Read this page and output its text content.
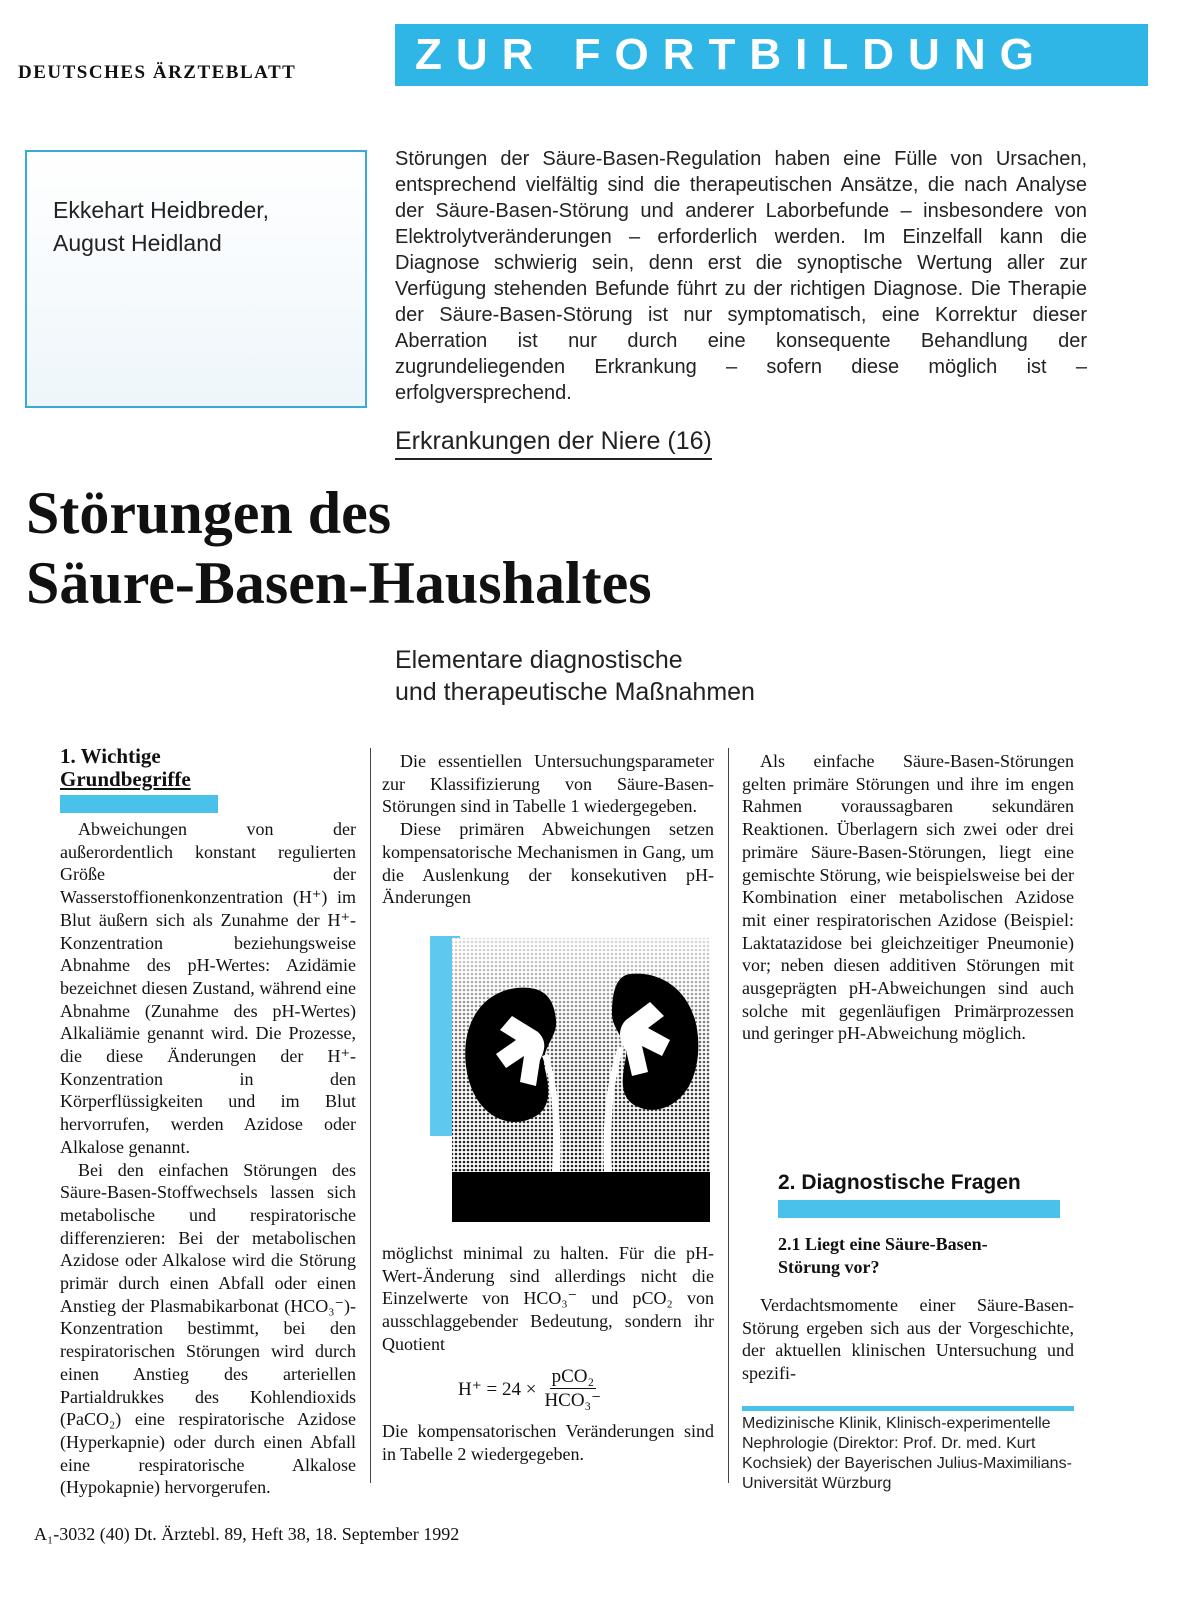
DEUTSCHES ÄRZTEBLATT	ZUR FORTBILDUNG
Ekkehart Heidbreder,
August Heidland
Störungen der Säure-Basen-Regulation haben eine Fülle von Ursachen, entsprechend vielfältig sind die therapeutischen Ansätze, die nach Analyse der Säure-Basen-Störung und anderer Laborbefunde – insbesondere von Elektrolytveränderungen – erforderlich werden. Im Einzelfall kann die Diagnose schwierig sein, denn erst die synoptische Wertung aller zur Verfügung stehenden Befunde führt zu der richtigen Diagnose. Die Therapie der Säure-Basen-Störung ist nur symptomatisch, eine Korrektur dieser Aberration ist nur durch eine konsequente Behandlung der zugrundeliegenden Erkrankung – sofern diese möglich ist – erfolgversprechend.
Erkrankungen der Niere (16)
Störungen des
Säure-Basen-Haushaltes
Elementare diagnostische
und therapeutische Maßnahmen
1. Wichtige
Grundbegriffe

Abweichungen von der außerordentlich konstant regulierten Größe der Wasserstoffionenkonzentration (H⁺) im Blut äußern sich als Zunahme der H⁺-Konzentration beziehungsweise Abnahme des pH-Wertes: Azidämie bezeichnet diesen Zustand, während eine Abnahme (Zunahme des pH-Wertes) Alkaliämie genannt wird. Die Prozesse, die diese Änderungen der H⁺-Konzentration in den Körperflüssigkeiten und im Blut hervorrufen, werden Azidose oder Alkalose genannt.

Bei den einfachen Störungen des Säure-Basen-Stoffwechsels lassen sich metabolische und respiratorische differenzieren: Bei der metabolischen Azidose oder Alkalose wird die Störung primär durch einen Abfall oder einen Anstieg der Plasmabikarbonat (HCO₃⁻)-Konzentration bestimmt, bei den respiratorischen Störungen wird durch einen Anstieg des arteriellen Partialdrukkes des Kohlendioxids (PaCO₂) eine respiratorische Azidose (Hyperkapnie) oder durch einen Abfall eine respiratorische Alkalose (Hypokapnie) hervorgerufen.

Die essentiellen Untersuchungsparameter zur Klassifizierung von Säure-Basen-Störungen sind in Tabelle 1 wiedergegeben.

Diese primären Abweichungen setzen kompensatorische Mechanismen in Gang, um die Auslenkung der konsekutiven pH-Änderungen

möglichst minimal zu halten. Für die pH-Wert-Änderung sind allerdings nicht die Einzelwerte von HCO₃⁻ und pCO₂ von ausschlaggebender Bedeutung, sondern ihr Quotient

$H^+ = 24 \times \frac{\text{pCO₂}}{\text{HCO₃⁻}}$

Die kompensatorischen Veränderungen sind in Tabelle 2 wiedergegeben.

Als einfache Säure-Basen-Störungen gelten primäre Störungen und ihre im engen Rahmen voraussagbaren sekundären Reaktionen. Überlagern sich zwei oder drei primäre Säure-Basen-Störungen, liegt eine gemischte Störung, wie beispielsweise bei der Kombination einer metabolischen Azidose mit einer respiratorischen Azidose (Beispiel: Laktatazidose bei gleichzeitiger Pneumonie) vor; neben diesen additiven Störungen mit ausgeprägten pH-Abweichungen sind auch solche mit gegenläufigen Primärprozessen und geringer pH-Abweichung möglich.

2. Diagnostische Fragen
2.1 Liegt eine Säure-Basen-
Störung vor?

Verdachtsmomente einer Säure-Basen-Störung ergeben sich aus der Vorgeschichte, der aktuellen klinischen Untersuchung und spezifi-

Medizinische Klinik, Klinisch-experimentelle Nephrologie (Direktor: Prof. Dr. med. Kurt Kochsiek) der Bayerischen Julius-Maximilians-Universität Würzburg
A₁-3032 (40) Dt. Ärztebl. 89, Heft 38, 18. September 1992
